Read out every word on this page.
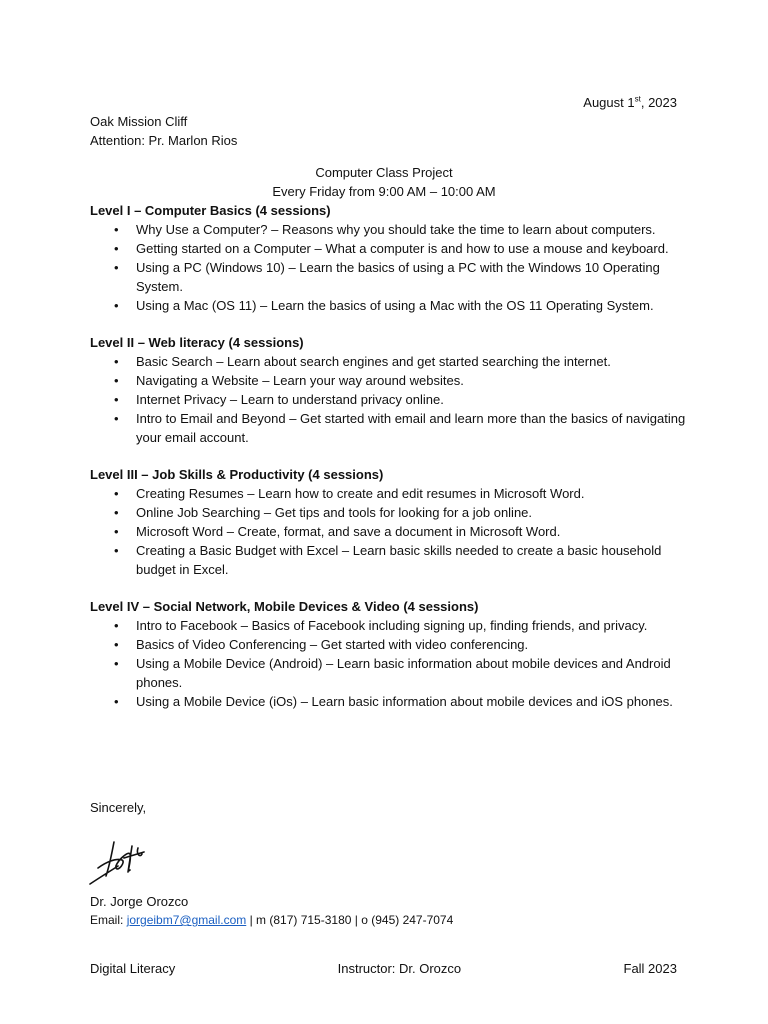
August 1st, 2023
Oak Mission Cliff
Attention: Pr. Marlon Rios
Computer Class Project
Every Friday from 9:00 AM – 10:00 AM

Level I – Computer Basics (4 sessions)

• Why Use a Computer? – Reasons why you should take the time to learn about computers.
• Getting started on a Computer – What a computer is and how to use a mouse and keyboard.
• Using a PC (Windows 10) – Learn the basics of using a PC with the Windows 10 Operating System.
• Using a Mac (OS 11) – Learn the basics of using a Mac with the OS 11 Operating System.

Level II – Web literacy (4 sessions)

• Basic Search – Learn about search engines and get started searching the internet.
• Navigating a Website – Learn your way around websites.
• Internet Privacy – Learn to understand privacy online.
• Intro to Email and Beyond – Get started with email and learn more than the basics of navigating your email account.

Level III – Job Skills & Productivity (4 sessions)

• Creating Resumes – Learn how to create and edit resumes in Microsoft Word.
• Online Job Searching – Get tips and tools for looking for a job online.
• Microsoft Word – Create, format, and save a document in Microsoft Word.
• Creating a Basic Budget with Excel – Learn basic skills needed to create a basic household budget in Excel.

Level IV – Social Network, Mobile Devices & Video (4 sessions)

• Intro to Facebook – Basics of Facebook including signing up, finding friends, and privacy.
• Basics of Video Conferencing – Get started with video conferencing.
• Using a Mobile Device (Android) – Learn basic information about mobile devices and Android phones.
• Using a Mobile Device (iOs) – Learn basic information about mobile devices and iOS phones.
Sincerely,
Dr. Jorge Orozco
Email: jorgeibm7@gmail.com | m (817) 715-3180 | o (945) 247-7074
Digital Literacy	Instructor: Dr. Orozco	Fall 2023
